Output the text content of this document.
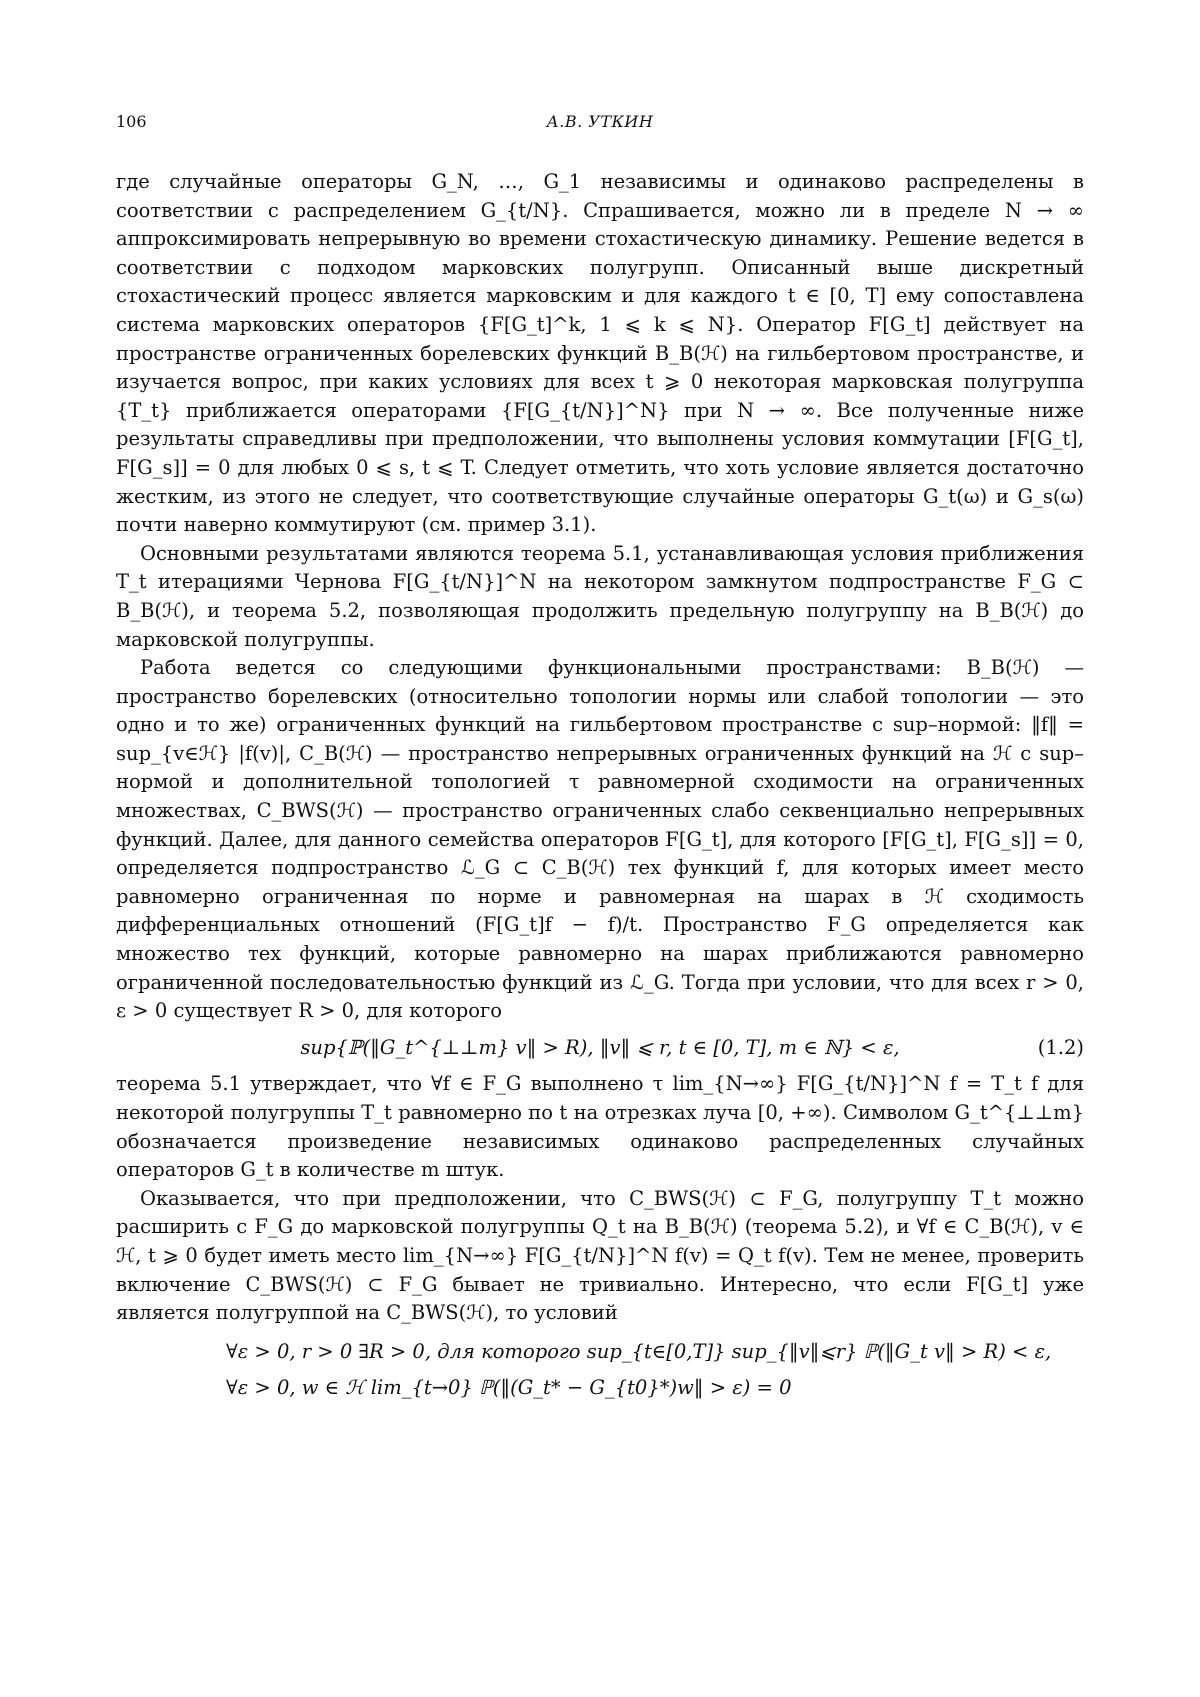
106	А.В. УТКИН

где случайные операторы G_N, …, G_1 независимы и одинаково распределены в соответствии с распределением G_{t/N}. Спрашивается, можно ли в пределе N → ∞ аппроксимировать непрерывную во времени стохастическую динамику. Решение ведется в соответствии с подходом марковских полугрупп. Описанный выше дискретный стохастический процесс является марковским и для каждого t ∈ [0, T] ему сопоставлена система марковских операторов {F[G_t]^k, 1 ⩽ k ⩽ N}. Оператор F[G_t] действует на пространстве ограниченных борелевских функций B_B(ℋ) на гильбертовом пространстве, и изучается вопрос, при каких условиях для всех t ⩾ 0 некоторая марковская полугруппа {T_t} приближается операторами {F[G_{t/N}]^N} при N → ∞. Все полученные ниже результаты справедливы при предположении, что выполнены условия коммутации [F[G_t], F[G_s]] = 0 для любых 0 ⩽ s, t ⩽ T. Следует отметить, что хоть условие является достаточно жестким, из этого не следует, что соответствующие случайные операторы G_t(ω) и G_s(ω) почти наверно коммутируют (см. пример 3.1).

Основными результатами являются теорема 5.1, устанавливающая условия приближения T_t итерациями Чернова F[G_{t/N}]^N на некотором замкнутом подпространстве F_G ⊂ B_B(ℋ), и теорема 5.2, позволяющая продолжить предельную полугруппу на B_B(ℋ) до марковской полугруппы.

Работа ведется со следующими функциональными пространствами: B_B(ℋ) — пространство борелевских (относительно топологии нормы или слабой топологии — это одно и то же) ограниченных функций на гильбертовом пространстве с sup–нормой: ‖f‖ = sup_{v∈ℋ} |f(v)|, C_B(ℋ) — пространство непрерывных ограниченных функций на ℋ с sup–нормой и дополнительной топологией τ равномерной сходимости на ограниченных множествах, C_BWS(ℋ) — пространство ограниченных слабо секвенциально непрерывных функций. Далее, для данного семейства операторов F[G_t], для которого [F[G_t], F[G_s]] = 0, определяется подпространство ℒ_G ⊂ C_B(ℋ) тех функций f, для которых имеет место равномерно ограниченная по норме и равномерная на шарах в ℋ сходимость дифференциальных отношений (F[G_t]f − f)/t. Пространство F_G определяется как множество тех функций, которые равномерно на шарах приближаются равномерно ограниченной последовательностью функций из ℒ_G. Тогда при условии, что для всех r > 0, ε > 0 существует R > 0, для которого

sup{ℙ(‖G_t^{⊥⊥m} v‖ > R), ‖v‖ ⩽ r, t ∈ [0, T], m ∈ ℕ} < ε,	(1.2)

теорема 5.1 утверждает, что ∀f ∈ F_G выполнено τ lim_{N→∞} F[G_{t/N}]^N f = T_t f для некоторой полугруппы T_t равномерно по t на отрезках луча [0, +∞). Символом G_t^{⊥⊥m} обозначается произведение независимых одинаково распределенных случайных операторов G_t в количестве m штук.

Оказывается, что при предположении, что C_BWS(ℋ) ⊂ F_G, полугруппу T_t можно расширить с F_G до марковской полугруппы Q_t на B_B(ℋ) (теорема 5.2), и ∀f ∈ C_B(ℋ), v ∈ ℋ, t ⩾ 0 будет иметь место lim_{N→∞} F[G_{t/N}]^N f(v) = Q_t f(v). Тем не менее, проверить включение C_BWS(ℋ) ⊂ F_G бывает не тривиально. Интересно, что если F[G_t] уже является полугруппой на C_BWS(ℋ), то условий

∀ε > 0, r > 0 ∃R > 0, для которого sup_{t∈[0,T]} sup_{‖v‖⩽r} ℙ(‖G_t v‖ > R) < ε,
∀ε > 0, w ∈ ℋ lim_{t→0} ℙ(‖(G_t* − G_{t0}*)w‖ > ε) = 0
